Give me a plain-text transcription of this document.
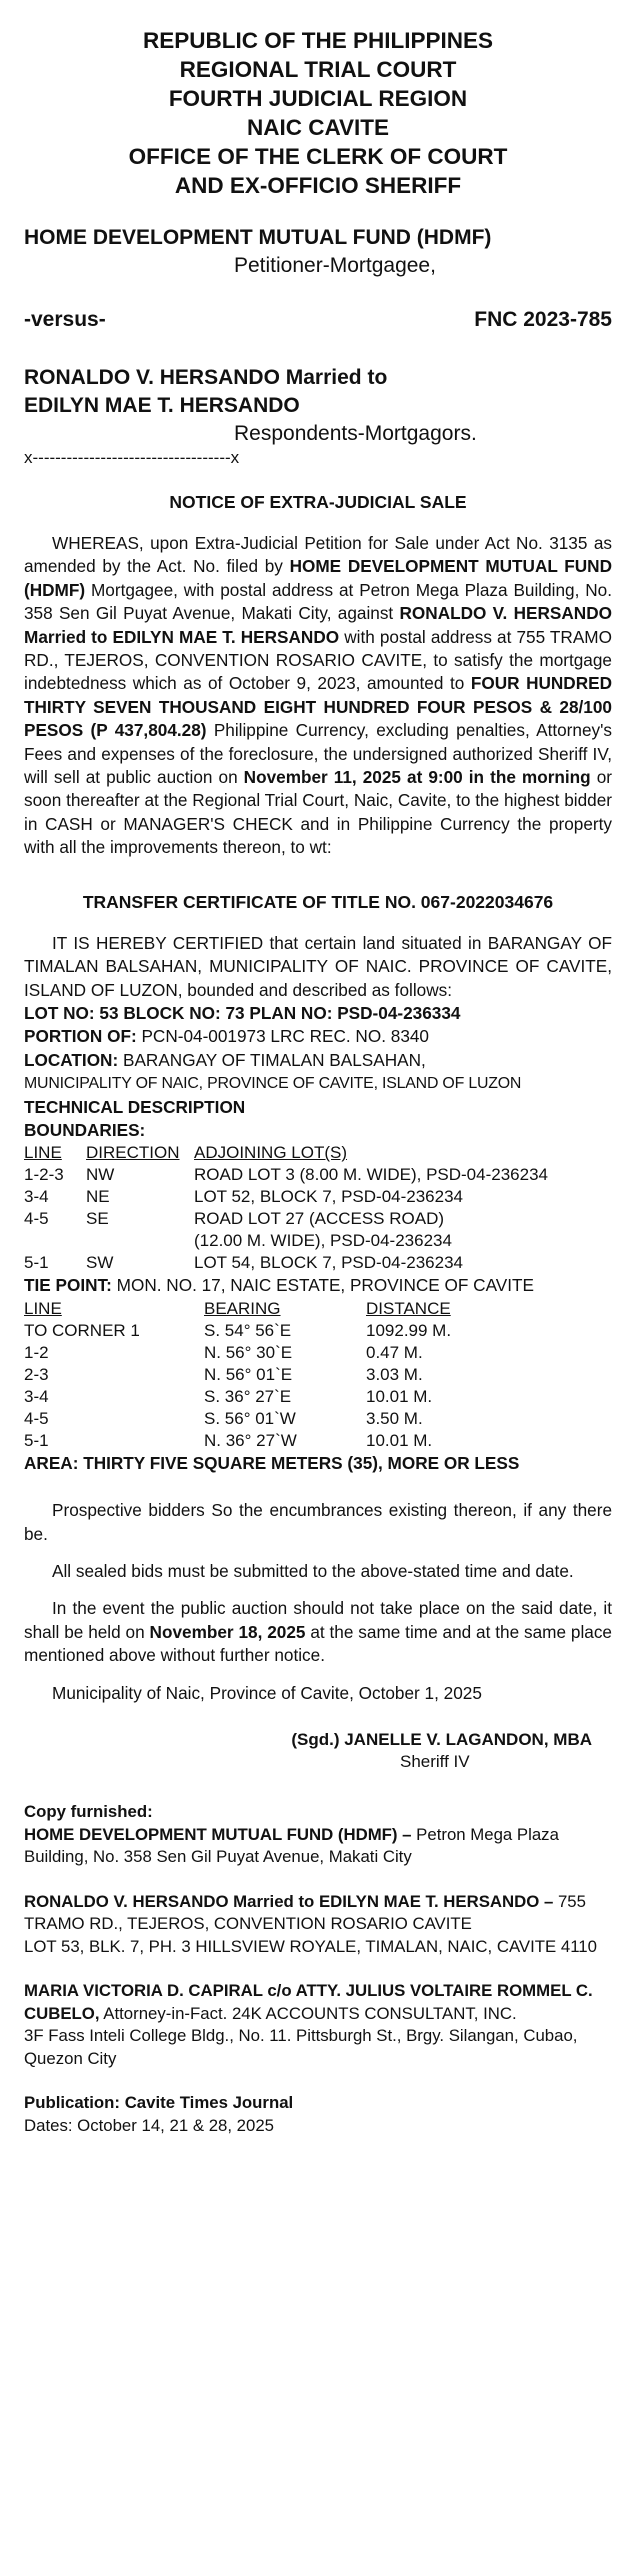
REPUBLIC OF THE PHILIPPINES
REGIONAL TRIAL COURT
FOURTH JUDICIAL REGION
NAIC CAVITE
OFFICE OF THE CLERK OF COURT
AND EX-OFFICIO SHERIFF
HOME DEVELOPMENT MUTUAL FUND (HDMF)
Petitioner-Mortgagee,
-versus-	FNC 2023-785
RONALDO V. HERSANDO Married to
EDILYN MAE T. HERSANDO
Respondents-Mortgagors.
x-----------------------------------x
NOTICE OF EXTRA-JUDICIAL SALE

WHEREAS, upon Extra-Judicial Petition for Sale under Act No. 3135 as amended by the Act. No. filed by HOME DEVELOPMENT MUTUAL FUND (HDMF) Mortgagee, with postal address at Petron Mega Plaza Building, No. 358 Sen Gil Puyat Avenue, Makati City, against RONALDO V. HERSANDO Married to EDILYN MAE T. HERSANDO with postal address at 755 TRAMO RD., TEJEROS, CONVENTION ROSARIO CAVITE, to satisfy the mortgage indebtedness which as of October 9, 2023, amounted to FOUR HUNDRED THIRTY SEVEN THOUSAND EIGHT HUNDRED FOUR PESOS & 28/100 PESOS (P 437,804.28) Philippine Currency, excluding penalties, Attorney's Fees and expenses of the foreclosure, the undersigned authorized Sheriff IV, will sell at public auction on November 11, 2025 at 9:00 in the morning or soon thereafter at the Regional Trial Court, Naic, Cavite, to the highest bidder in CASH or MANAGER'S CHECK and in Philippine Currency the property with all the improvements thereon, to wt:

TRANSFER CERTIFICATE OF TITLE NO. 067-2022034676

IT IS HEREBY CERTIFIED that certain land situated in BARANGAY OF TIMALAN BALSAHAN, MUNICIPALITY OF NAIC. PROVINCE OF CAVITE, ISLAND OF LUZON, bounded and described as follows:

LOT NO: 53 BLOCK NO: 73 PLAN NO: PSD-04-236334
PORTION OF: PCN-04-001973 LRC REC. NO. 8340
LOCATION: BARANGAY OF TIMALAN BALSAHAN,
MUNICIPALITY OF NAIC, PROVINCE OF CAVITE, ISLAND OF LUZON
TECHNICAL DESCRIPTION
BOUNDARIES:
LINE	DIRECTION	ADJOINING LOT(S)
1-2-3	NW	ROAD LOT 3 (8.00 M. WIDE), PSD-04-236234
3-4	NE	LOT 52, BLOCK 7, PSD-04-236234
4-5	SE	ROAD LOT 27 (ACCESS ROAD)
		(12.00 M. WIDE), PSD-04-236234
5-1	SW	LOT 54, BLOCK 7, PSD-04-236234
TIE POINT: MON. NO. 17, NAIC ESTATE, PROVINCE OF CAVITE
LINE	BEARING	DISTANCE
TO CORNER 1	S. 54° 56`E	1092.99 M.
1-2	N. 56° 30`E	0.47 M.
2-3	N. 56° 01`E	3.03 M.
3-4	S. 36° 27`E	10.01 M.
4-5	S. 56° 01`W	3.50 M.
5-1	N. 36° 27`W	10.01 M.
AREA: THIRTY FIVE SQUARE METERS (35), MORE OR LESS

Prospective bidders So the encumbrances existing thereon, if any there be.

All sealed bids must be submitted to the above-stated time and date.

In the event the public auction should not take place on the said date, it shall be held on November 18, 2025 at the same time and at the same place mentioned above without further notice.

Municipality of Naic, Province of Cavite, October 1, 2025

(Sgd.) JANELLE V. LAGANDON, MBA
Sheriff IV
Copy furnished:

HOME DEVELOPMENT MUTUAL FUND (HDMF) – Petron Mega Plaza Building, No. 358 Sen Gil Puyat Avenue, Makati City

RONALDO V. HERSANDO Married to EDILYN MAE T. HERSANDO – 755 TRAMO RD., TEJEROS, CONVENTION ROSARIO CAVITE

LOT 53, BLK. 7, PH. 3 HILLSVIEW ROYALE, TIMALAN, NAIC, CAVITE 4110

MARIA VICTORIA D. CAPIRAL c/o ATTY. JULIUS VOLTAIRE ROMMEL C. CUBELO, Attorney-in-Fact. 24K ACCOUNTS CONSULTANT, INC.

3F Fass Inteli College Bldg., No. 11. Pittsburgh St., Brgy. Silangan, Cubao, Quezon City

Publication: Cavite Times Journal
Dates: October 14, 21 & 28, 2025
